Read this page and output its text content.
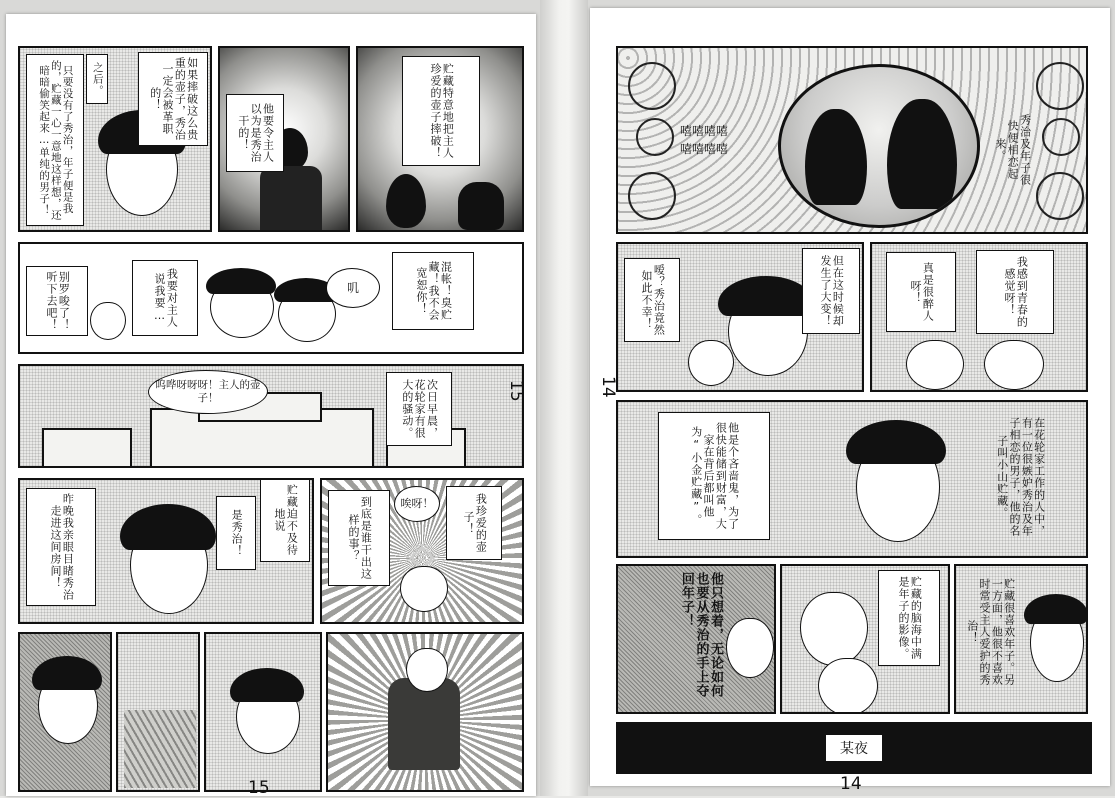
只要没有了秀治，年子便是我的，贮藏一心一意地这样想，还暗暗偷笑起来…单纯的男子！	之后。	如果摔破这么贵重的壶子，秀治一定会被革职的！
他要令主人以为是秀治干的！	贮藏特意地把主人珍爱的壶子摔破！
别罗唆了！听下去吧！	我要对主人说我要…	叽	混帐！臭贮藏！我不会宽恕你！
呜哗呀呀呀！主人的壶子！	次日早晨，花轮家有很大的骚动。
昨晚我亲眼目睹秀治走进这间房间！	是秀治！	贮藏迫不及待地说	到底是谁干出这样的事？
唉呀！	我珍爱的壶子！
15
15
嘻嘻嘻嘻
嘻嘻嘻嘻	秀治及年子很快便相恋起来。
嗳？秀治竟然如此不幸！	但在这时候却发生了大变！	真是很醉人呀！	我感到青春的感觉呀！
他是个吝啬鬼，为了很快能储到财富，大家在背后都叫他为“小金贮藏”。	在花轮家工作的人中，有一位很嫉妒秀治及年子相恋的男子，他的名子叫小山贮藏。
他只想着，无论如何也要从秀治的手上夺回年子！	贮藏的脑海中满是年子的影像。	贮藏很喜欢年子。另一方面，他很不喜欢时常受主人爱护的秀治！
某夜
14
14
